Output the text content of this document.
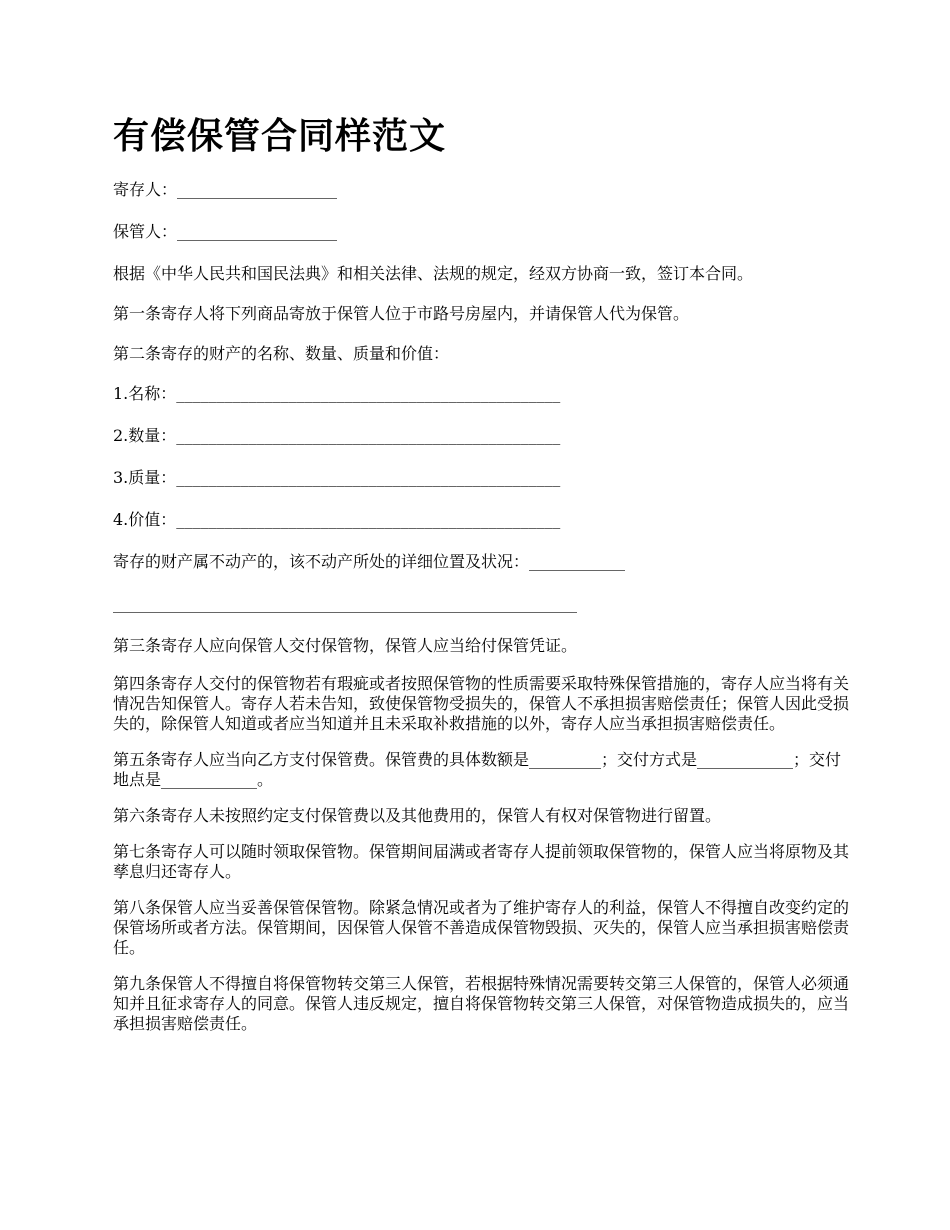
有偿保管合同样范文

寄存人：____________________

保管人：____________________

根据《中华人民共和国民法典》和相关法律、法规的规定，经双方协商一致，签订本合同。

第一条寄存人将下列商品寄放于保管人位于市路号房屋内，并请保管人代为保管。

第二条寄存的财产的名称、数量、质量和价值：

1.名称：________________________________________________

2.数量：________________________________________________

3.质量：________________________________________________

4.价值：________________________________________________

寄存的财产属不动产的，该不动产所处的详细位置及状况：____________

__________________________________________________________

第三条寄存人应向保管人交付保管物，保管人应当给付保管凭证。

第四条寄存人交付的保管物若有瑕疵或者按照保管物的性质需要采取特殊保管措施的，寄存人应当将有关情况告知保管人。寄存人若未告知，致使保管物受损失的，保管人不承担损害赔偿责任；保管人因此受损失的，除保管人知道或者应当知道并且未采取补救措施的以外，寄存人应当承担损害赔偿责任。

第五条寄存人应当向乙方支付保管费。保管费的具体数额是_________；交付方式是____________；交付地点是____________。

第六条寄存人未按照约定支付保管费以及其他费用的，保管人有权对保管物进行留置。

第七条寄存人可以随时领取保管物。保管期间届满或者寄存人提前领取保管物的，保管人应当将原物及其孳息归还寄存人。

第八条保管人应当妥善保管保管物。除紧急情况或者为了维护寄存人的利益，保管人不得擅自改变约定的保管场所或者方法。保管期间，因保管人保管不善造成保管物毁损、灭失的，保管人应当承担损害赔偿责任。

第九条保管人不得擅自将保管物转交第三人保管，若根据特殊情况需要转交第三人保管的，保管人必须通知并且征求寄存人的同意。保管人违反规定，擅自将保管物转交第三人保管，对保管物造成损失的，应当承担损害赔偿责任。
